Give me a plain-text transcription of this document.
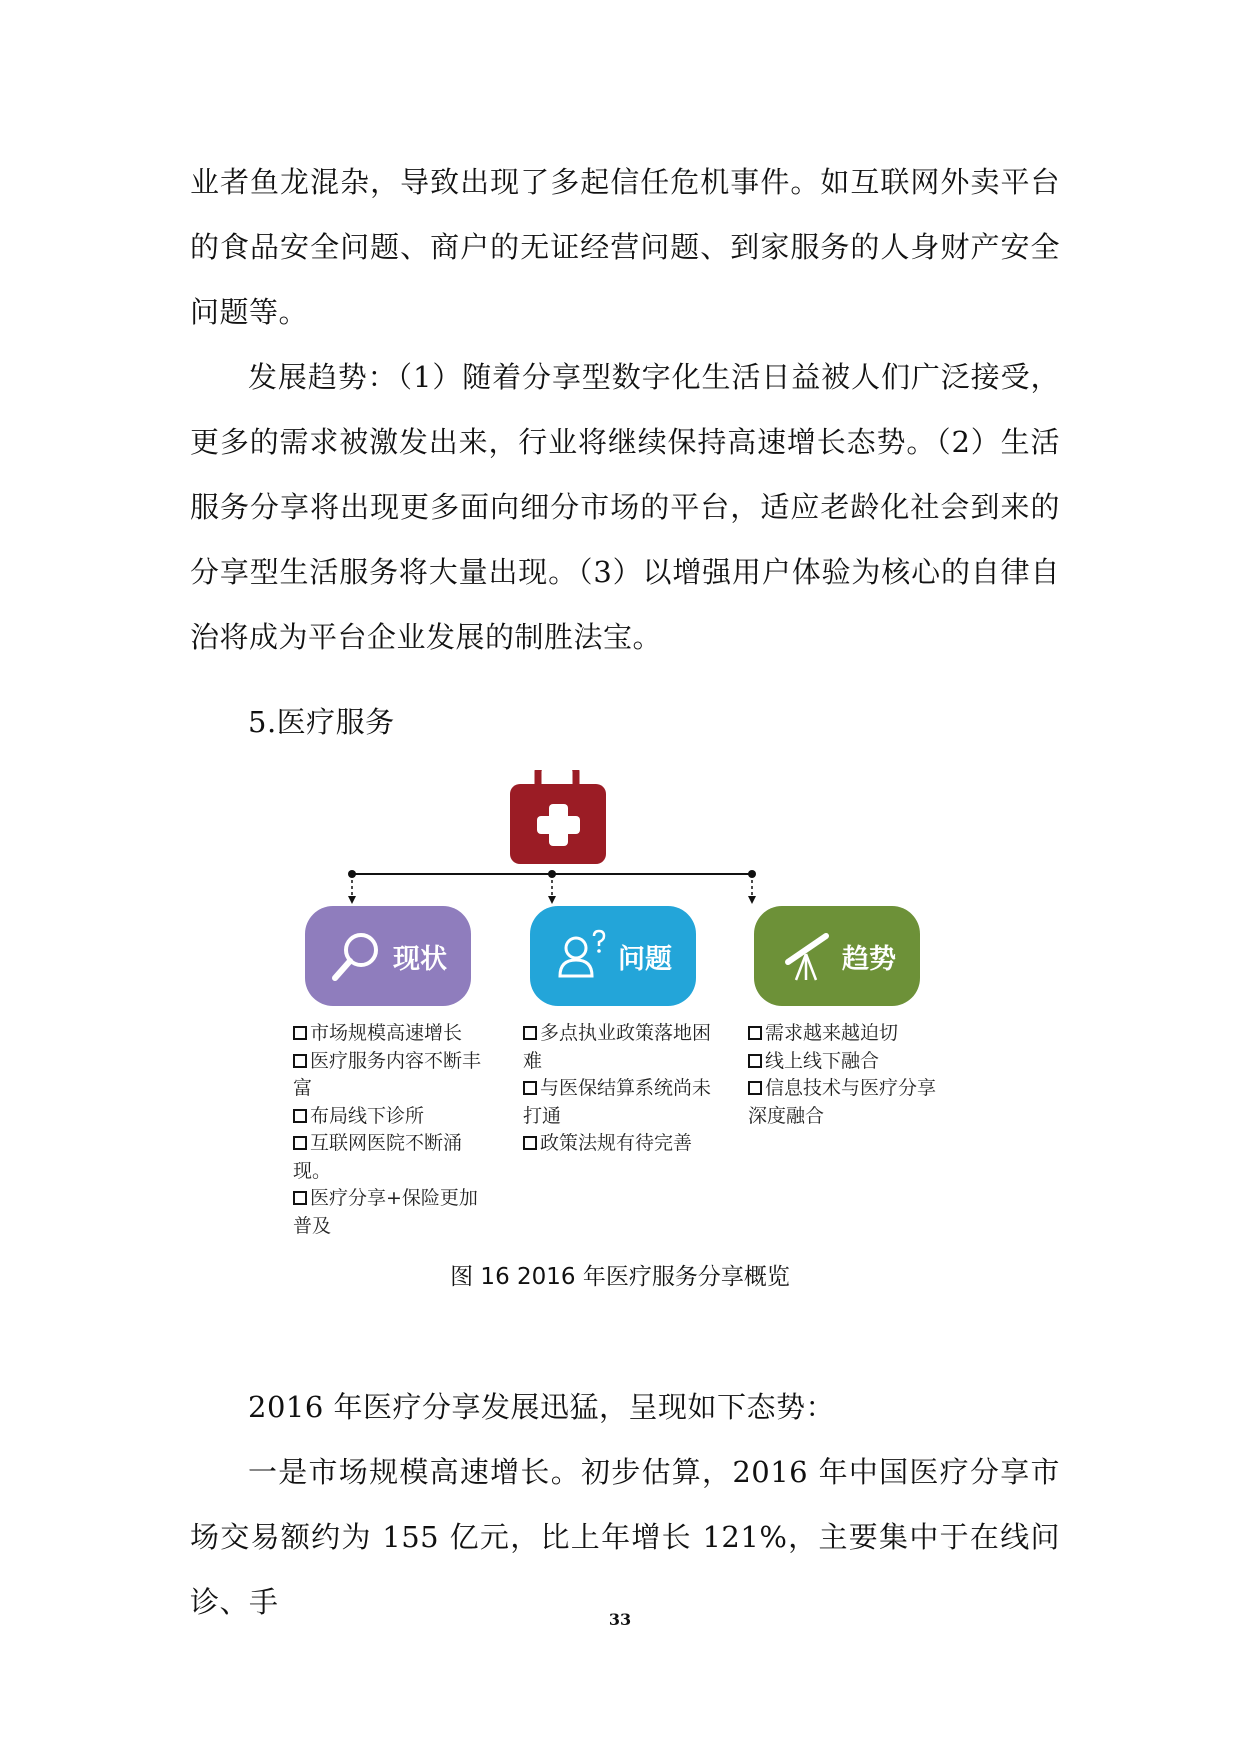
业者鱼龙混杂，导致出现了多起信任危机事件。如互联网外卖平台的食品安全问题、商户的无证经营问题、到家服务的人身财产安全问题等。

发展趋势：（1）随着分享型数字化生活日益被人们广泛接受，更多的需求被激发出来，行业将继续保持高速增长态势。（2）生活服务分享将出现更多面向细分市场的平台，适应老龄化社会到来的分享型生活服务将大量出现。（3）以增强用户体验为核心的自律自治将成为平台企业发展的制胜法宝。

5.医疗服务

现状	问题	趋势

市场规模高速增长

医疗服务内容不断丰富

布局线下诊所

互联网医院不断涌现。

医疗分享+保险更加普及

多点执业政策落地困难

与医保结算系统尚未打通

政策法规有待完善

需求越来越迫切

线上线下融合

信息技术与医疗分享深度融合

图 16 2016 年医疗服务分享概览

2016 年医疗分享发展迅猛，呈现如下态势：

一是市场规模高速增长。初步估算，2016 年中国医疗分享市场交易额约为 155 亿元，比上年增长 121%，主要集中于在线问诊、手

33
